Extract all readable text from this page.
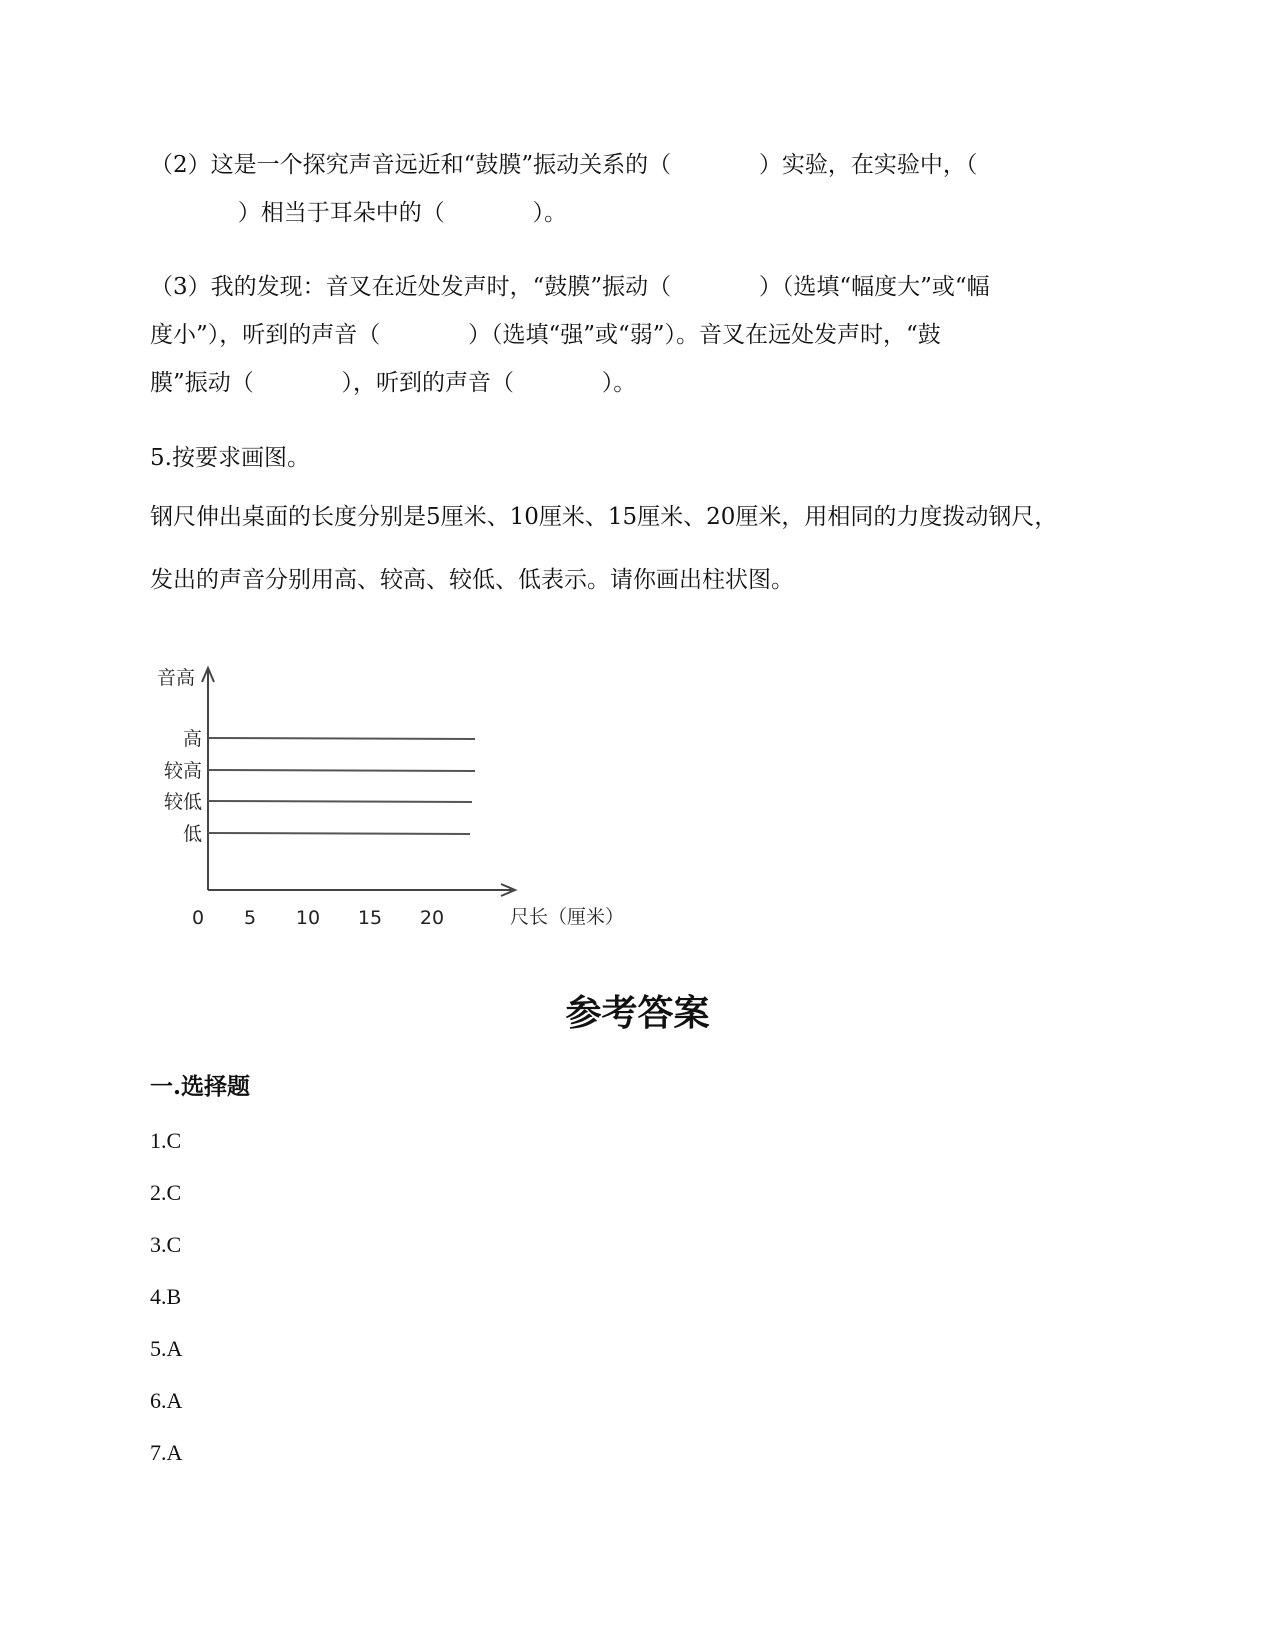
（2）这是一个探究声音远近和“鼓膜”振动关系的（            ）实验，在实验中，（

）相当于耳朵中的（            ）。

（3）我的发现：音叉在近处发声时，“鼓膜”振动（            ）（选填“幅度大”或“幅

度小”），听到的声音（            ）（选填“强”或“弱”）。音叉在远处发声时，“鼓

膜”振动（            ），听到的声音（            ）。

5.按要求画图。

钢尺伸出桌面的长度分别是5厘米、10厘米、15厘米、20厘米，用相同的力度拨动钢尺，

发出的声音分别用高、较高、较低、低表示。请你画出柱状图。

音高
尺长（厘米）
高
较高
较低
低
0 5 10 15 20
参考答案
一.选择题

1.C

2.C

3.C

4.B

5.A

6.A

7.A
